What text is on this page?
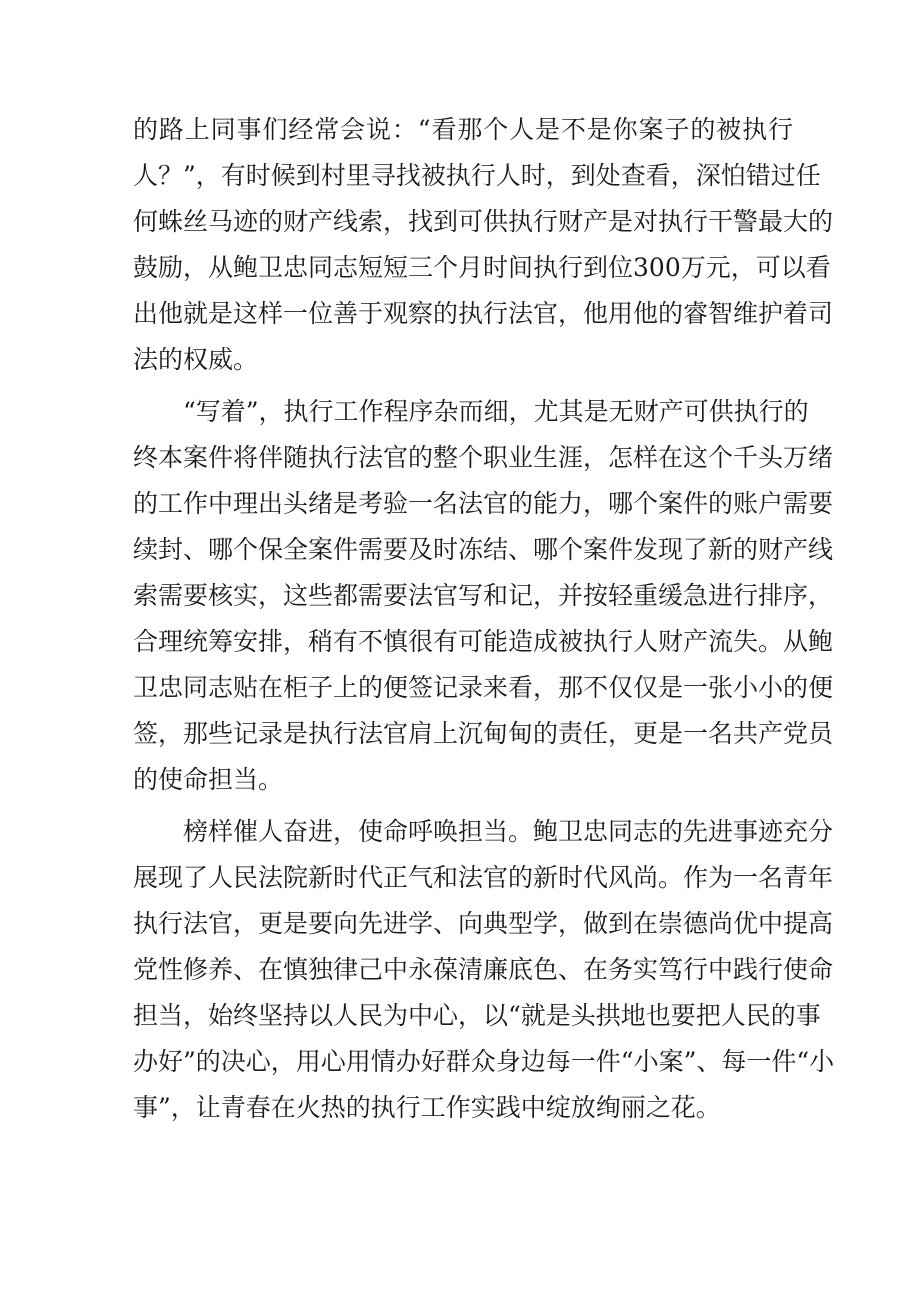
的路上同事们经常会说：“看那个人是不是你案子的被执行

人？”，有时候到村里寻找被执行人时，到处查看，深怕错过任

何蛛丝马迹的财产线索，找到可供执行财产是对执行干警最大的

鼓励，从鲍卫忠同志短短三个月时间执行到位300万元，可以看

出他就是这样一位善于观察的执行法官，他用他的睿智维护着司

法的权威。

“写着”，执行工作程序杂而细，尤其是无财产可供执行的

终本案件将伴随执行法官的整个职业生涯，怎样在这个千头万绪

的工作中理出头绪是考验一名法官的能力，哪个案件的账户需要

续封、哪个保全案件需要及时冻结、哪个案件发现了新的财产线

索需要核实，这些都需要法官写和记，并按轻重缓急进行排序，

合理统筹安排，稍有不慎很有可能造成被执行人财产流失。从鲍

卫忠同志贴在柜子上的便签记录来看，那不仅仅是一张小小的便

签，那些记录是执行法官肩上沉甸甸的责任，更是一名共产党员

的使命担当。

榜样催人奋进，使命呼唤担当。鲍卫忠同志的先进事迹充分

展现了人民法院新时代正气和法官的新时代风尚。作为一名青年

执行法官，更是要向先进学、向典型学，做到在崇德尚优中提高

党性修养、在慎独律己中永葆清廉底色、在务实笃行中践行使命

担当，始终坚持以人民为中心，以“就是头拱地也要把人民的事

办好”的决心，用心用情办好群众身边每一件“小案”、每一件“小

事”，让青春在火热的执行工作实践中绽放绚丽之花。
